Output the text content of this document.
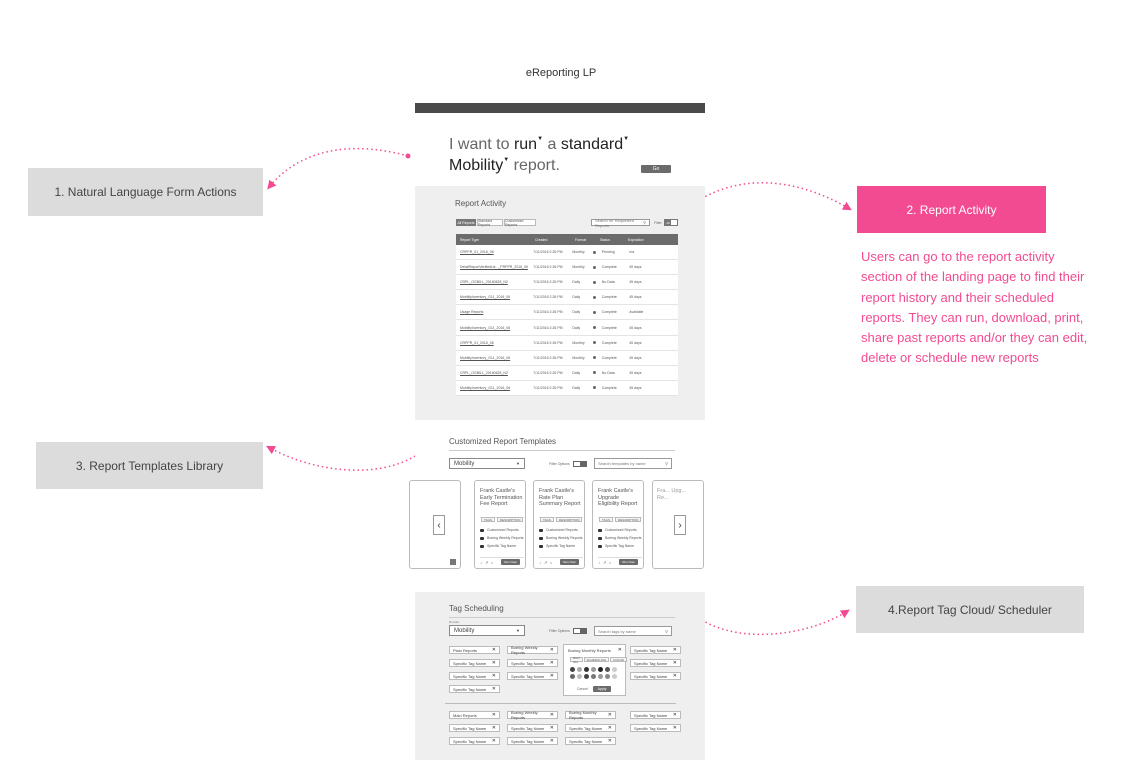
eReporting LP
1. Natural Language Form Actions
2. Report Activity
Users can go to the report activity section of the landing page to find their report history and their scheduled reports. They can run, download, print, share past reports and/or they can edit, delete or schedule new reports
3. Report Templates Library
4.Report Tag Cloud/ Scheduler
I want to run▼ a standard▼
Mobility▼ report.	Go
Report Activity
All Reports Standard Reports
Customized Reports
Search for Requested Reports	⚲ Filter	All
Report Type	Created	Format	Status	Expiration
CRPPR_01_2016_06	7/11/2016 2:26 PM	Monthly	Pending	n/a
DetailReportVerifiedUs..._PRPPR_2016_06	7/11/2016 2:26 PM	Monthly	Complete	45 days
CRPL_OGBILL_20160628_N2	7/11/2016 2:26 PM	Daily	No Data	45 days
MobilityInventory_G11_2016_06	7/11/2016 2:26 PM	Daily	Complete	45 days
Usage Reports	7/11/2016 2:26 PM	Daily	Complete	Available
MobilityInventory_G11_2016_06	7/11/2016 2:26 PM	Daily	Complete	45 days
CRPPR_01_2016_06	7/11/2016 2:26 PM	Monthly	Complete	45 days
MobilityInventory_G11_2016_06	7/11/2016 2:26 PM	Monthly	Complete	45 days
CRPL_OGBILL_20160628_N2	7/11/2016 2:26 PM	Daily	No Data	45 days
MobilityInventory_G11_2016_06	7/11/2016 2:26 PM	Daily	Complete	45 days
Customized Report Templates
Mobility	▼	Filter Options	Search templates by name	⚲
Frank Castle's Early Termination Fee Report
TAGS	DESCRIPTION
Customized Reports
Boeing Weekly Reports
Specific Tag Name
↓ ↗ •	Run Now
Frank Castle's Rate Plan Summary Report
TAGS	DESCRIPTION
Customized Reports
Boeing Weekly Reports
Specific Tag Name
↓ ↗ •	Run Now
Frank Castle's Upgrade Eligibility Report
TAGS	DESCRIPTION
Customized Reports
Boeing Weekly Reports
Specific Tag Name
↓ ↗ •	Run Now
Fra... Upg... Re...
‹	›
Tag Scheduling
Domain
Mobility	▼	Filter Options	Search tags by name	⚲
Plain Reports	✕	Boeing Weekly Reports	✕	Specific Tag Name ✕
Specific Tag Name ✕	Specific Tag Name ✕	Specific Tag Name ✕
Specific Tag Name ✕	Specific Tag Name ✕	Specific Tag Name ✕
Specific Tag Name ✕
Boeing Monthly Reports ✕
RUN ALL	SCHEDULING	COLOR
Cancel	Apply
Main Reports	✕	Boeing Weekly Reports	✕	Boeing Monthly Reports	✕	Specific Tag Name ✕
Specific Tag Name ✕	Specific Tag Name ✕	Specific Tag Name ✕	Specific Tag Name ✕
Specific Tag Name ✕	Specific Tag Name ✕	Specific Tag Name ✕
